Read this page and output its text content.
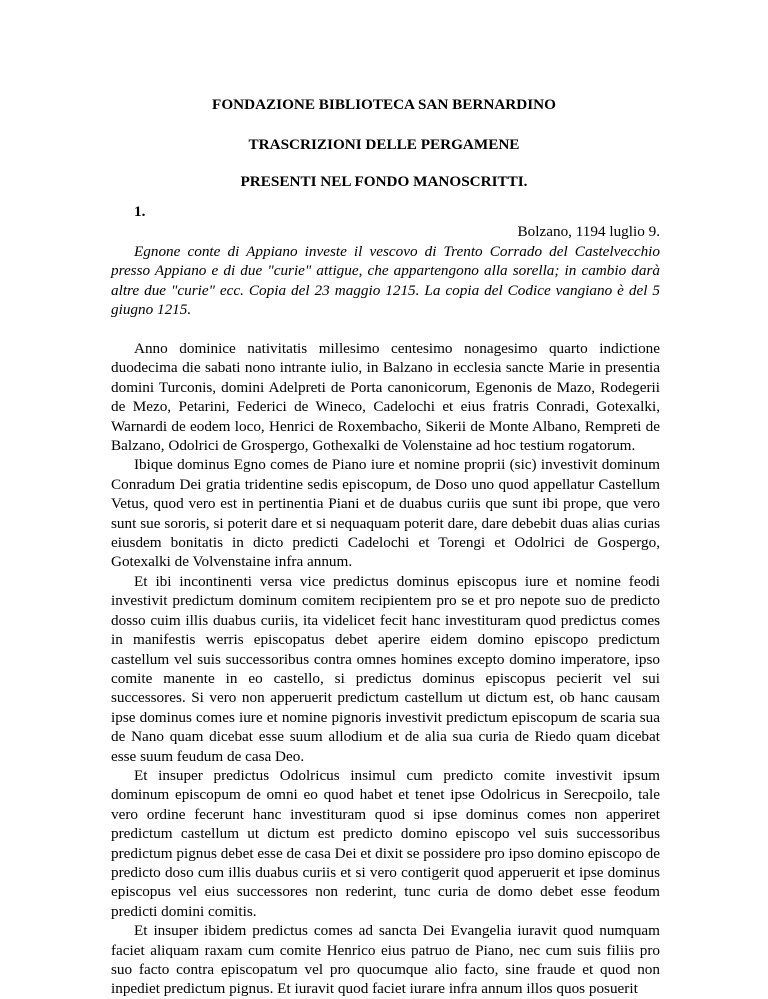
FONDAZIONE BIBLIOTECA SAN BERNARDINO
TRASCRIZIONI DELLE PERGAMENE
PRESENTI NEL FONDO MANOSCRITTI.
1.
Bolzano, 1194 luglio 9.
Egnone conte di Appiano investe il vescovo di Trento Corrado del Castelvecchio presso Appiano e di due "curie" attigue, che appartengono alla sorella; in cambio darà altre due "curie" ecc. Copia del 23 maggio 1215. La copia del Codice vangiano è del 5 giugno 1215.

Anno dominice nativitatis millesimo centesimo nonagesimo quarto indictione duodecima die sabati nono intrante iulio, in Balzano in ecclesia sancte Marie in presentia domini Turconis, domini Adelpreti de Porta canonicorum, Egenonis de Mazo, Rodegerii de Mezo, Petarini, Federici de Wineco, Cadelochi et eius fratris Conradi, Gotexalki, Warnardi de eodem loco, Henrici de Roxembacho, Sikerii de Monte Albano, Rempreti de Balzano, Odolrici de Grospergo, Gothexalki de Volenstaine ad hoc testium rogatorum.

Ibique dominus Egno comes de Piano iure et nomine proprii (sic) investivit dominum Conradum Dei gratia tridentine sedis episcopum, de Doso uno quod appellatur Castellum Vetus, quod vero est in pertinentia Piani et de duabus curiis que sunt ibi prope, que vero sunt sue sororis, si poterit dare et si nequaquam poterit dare, dare debebit duas alias curias eiusdem bonitatis in dicto predicti Cadelochi et Torengi et Odolrici de Gospergo, Gotexalki de Volvenstaine infra annum.

Et ibi incontinenti versa vice predictus dominus episcopus iure et nomine feodi investivit predictum dominum comitem recipientem pro se et pro nepote suo de predicto dosso cuim illis duabus curiis, ita videlicet fecit hanc investituram quod predictus comes in manifestis werris episcopatus debet aperire eidem domino episcopo predictum castellum vel suis successoribus contra omnes homines excepto domino imperatore, ipso comite manente in eo castello, si predictus dominus episcopus pecierit vel sui successores. Si vero non apperuerit predictum castellum ut dictum est, ob hanc causam ipse dominus comes iure et nomine pignoris investivit predictum episcopum de scaria sua de Nano quam dicebat esse suum allodium et de alia sua curia de Riedo quam dicebat esse suum feudum de casa Deo.

Et insuper predictus Odolricus insimul cum predicto comite investivit ipsum dominum episcopum de omni eo quod habet et tenet ipse Odolricus in Serecpoilo, tale vero ordine fecerunt hanc investituram quod si ipse dominus comes non apperiret predictum castellum ut dictum est predicto domino episcopo vel suis successoribus predictum pignus debet esse de casa Dei et dixit se possidere pro ipso domino episcopo de predicto doso cum illis duabus curiis et si vero contigerit quod apperuerit et ipse dominus episcopus vel eius successores non rederint, tunc curia de domo debet esse feodum predicti domini comitis.

Et insuper ibidem predictus comes ad sancta Dei Evangelia iuravit quod numquam faciet aliquam raxam cum comite Henrico eius patruo de Piano, nec cum suis filiis pro suo facto contra episcopatum vel pro quocumque alio facto, sine fraude et quod non inpediet predictum pignus. Et iuravit quod faciet iurare infra annum illos quos posuerit
